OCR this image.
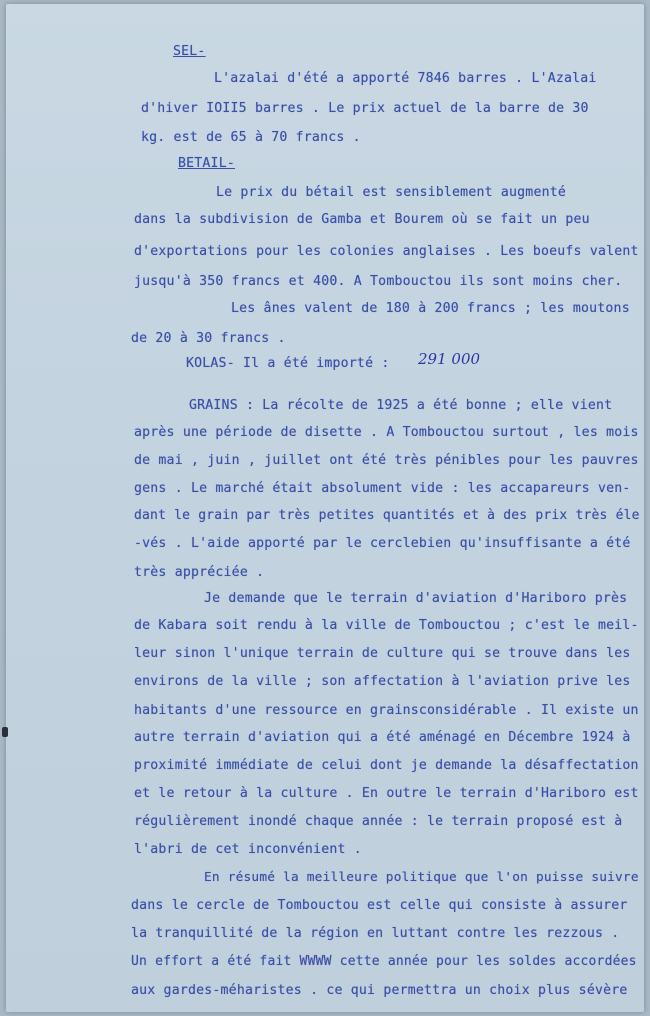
SEL-
L'azalai d'été a apporté 7846 barres . L'Azalai
d'hiver IOII5 barres . Le prix actuel de la barre de 30
kg. est de 65 à 70 francs .
BETAIL-
Le prix du bétail est sensiblement augmenté
dans la subdivision de Gamba et Bourem où se fait un peu
d'exportations pour les colonies anglaises . Les boeufs valent
jusqu'à 350 francs et 400. A Tombouctou ils sont moins cher.
Les ânes valent de 180 à 200 francs ; les moutons
de 20 à 30 francs .
KOLAS- Il a été importé : 291 000
GRAINS : La récolte de 1925 a été bonne ; elle vient
après une période de disette . A Tombouctou surtout , les mois
de mai , juin , juillet ont été très pénibles pour les pauvres
gens . Le marché était absolument vide : les accapareurs ven-
dant le grain par très petites quantités et à des prix très éle
-vés . L'aide apporté par le cerclebien qu'insuffisante a été
très appréciée .
Je demande que le terrain d'aviation d'Hariboro près
de Kabara soit rendu à la ville de Tombouctou ; c'est le meil-
leur sinon l'unique terrain de culture qui se trouve dans les
environs de la ville ; son affectation à l'aviation prive les
habitants d'une ressource en grainsconsidérable . Il existe un
autre terrain d'aviation qui a été aménagé en Décembre 1924 à
proximité immédiate de celui dont je demande la désaffectation
et le retour à la culture . En outre le terrain d'Hariboro est
régulièrement inondé chaque année : le terrain proposé est à
l'abri de cet inconvénient .
En résumé la meilleure politique que l'on puisse suivre
dans le cercle de Tombouctou est celle qui consiste à assurer
la tranquillité de la région en luttant contre les rezzous .
Un effort a été fait WWWW cette année pour les soldes accordées
aux gardes-méharistes . ce qui permettra un choix plus sévère
